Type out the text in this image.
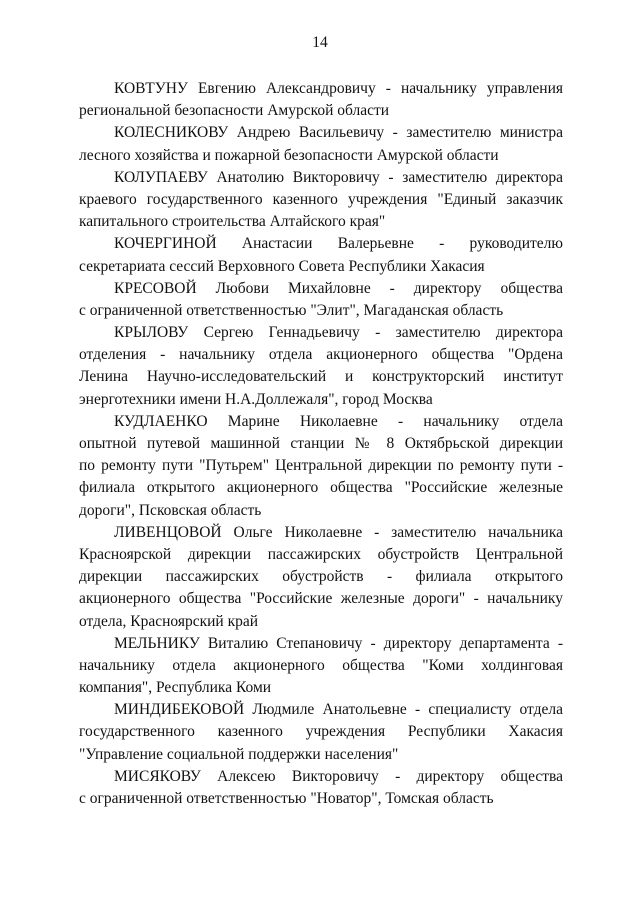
14
КОВТУНУ Евгению Александровичу - начальнику управления
региональной безопасности Амурской области
КОЛЕСНИКОВУ Андрею Васильевичу - заместителю министра
лесного хозяйства и пожарной безопасности Амурской области
КОЛУПАЕВУ Анатолию Викторовичу - заместителю директора
краевого государственного казенного учреждения "Единый заказчик
капитального строительства Алтайского края"
КОЧЕРГИНОЙ Анастасии Валерьевне - руководителю
секретариата сессий Верховного Совета Республики Хакасия
КРЕСОВОЙ Любови Михайловне - директору общества
с ограниченной ответственностью "Элит", Магаданская область
КРЫЛОВУ Сергею Геннадьевичу - заместителю директора
отделения - начальнику отдела акционерного общества "Ордена
Ленина Научно-исследовательский и конструкторский институт
энерготехники имени Н.А.Доллежаля", город Москва
КУДЛАЕНКО Марине Николаевне - начальнику отдела
опытной путевой машинной станции № 8 Октябрьской дирекции
по ремонту пути "Путьрем" Центральной дирекции по ремонту пути -
филиала открытого акционерного общества "Российские железные
дороги", Псковская область
ЛИВЕНЦОВОЙ Ольге Николаевне - заместителю начальника
Красноярской дирекции пассажирских обустройств Центральной
дирекции пассажирских обустройств - филиала открытого
акционерного общества "Российские железные дороги" - начальнику
отдела, Красноярский край
МЕЛЬНИКУ Виталию Степановичу - директору департамента -
начальнику отдела акционерного общества "Коми холдинговая
компания", Республика Коми
МИНДИБЕКОВОЙ Людмиле Анатольевне - специалисту отдела
государственного казенного учреждения Республики Хакасия
"Управление социальной поддержки населения"
МИСЯКОВУ Алексею Викторовичу - директору общества
с ограниченной ответственностью "Новатор", Томская область
